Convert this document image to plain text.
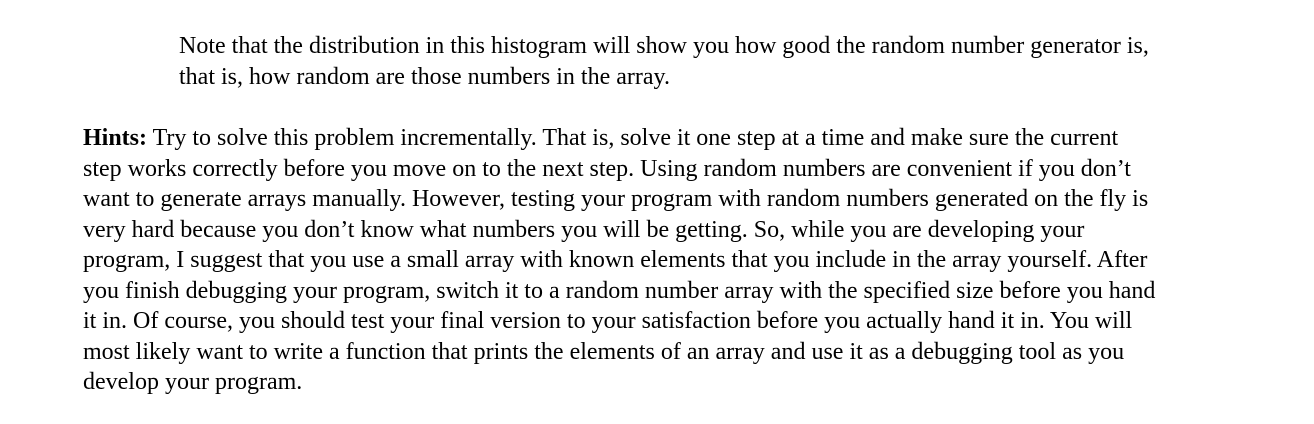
Note that the distribution in this histogram will show you how good the random number generator is,
that is, how random are those numbers in the array.

Hints: Try to solve this problem incrementally. That is, solve it one step at a time and make sure the current
step works correctly before you move on to the next step. Using random numbers are convenient if you don’t
want to generate arrays manually. However, testing your program with random numbers generated on the fly is
very hard because you don’t know what numbers you will be getting. So, while you are developing your
program, I suggest that you use a small array with known elements that you include in the array yourself. After
you finish debugging your program, switch it to a random number array with the specified size before you hand
it in. Of course, you should test your final version to your satisfaction before you actually hand it in. You will
most likely want to write a function that prints the elements of an array and use it as a debugging tool as you
develop your program.
